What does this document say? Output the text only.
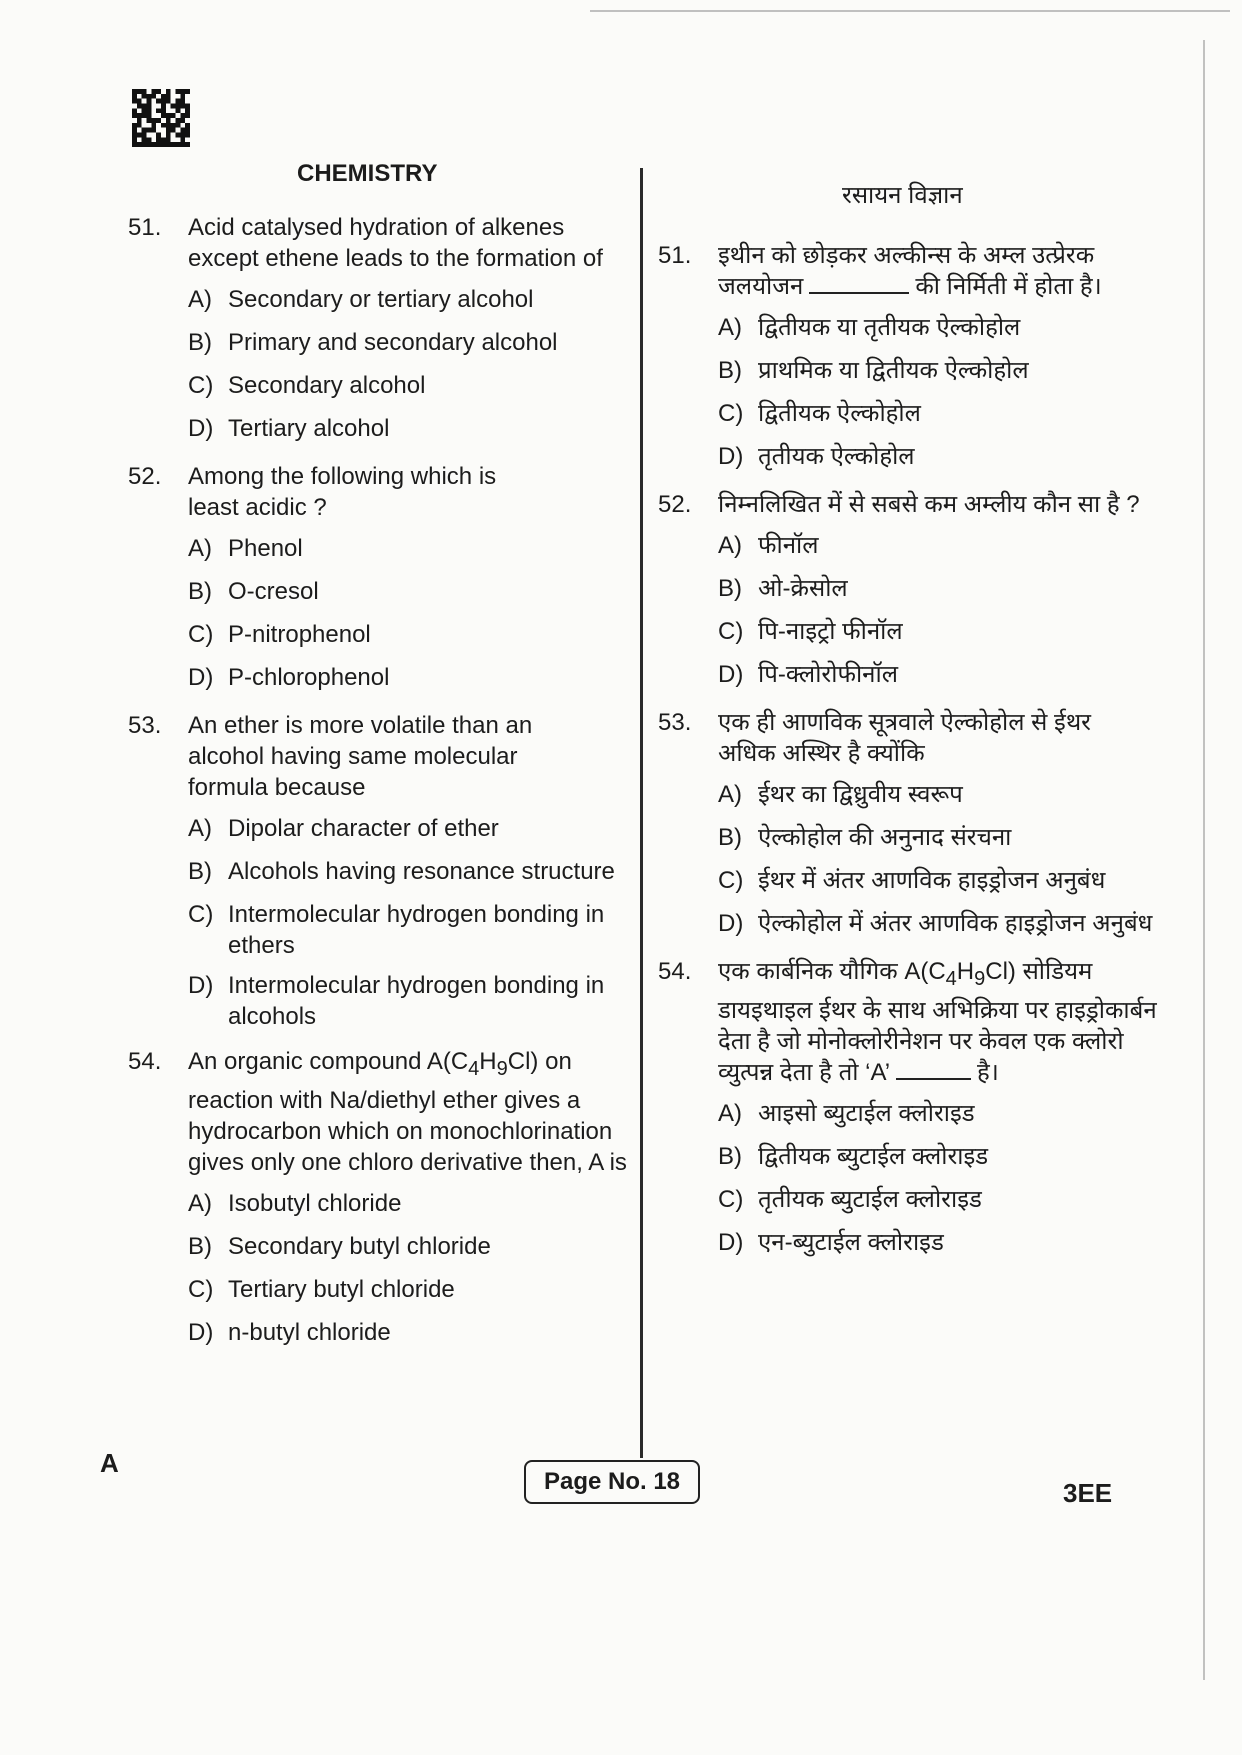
CHEMISTRY
रसायन विज्ञान
51. Acid catalysed hydration of alkenes except ethene leads to the formation of
A) Secondary or tertiary alcohol
B) Primary and secondary alcohol
C) Secondary alcohol
D) Tertiary alcohol
52. Among the following which is least acidic ?
A) Phenol
B) O-cresol
C) P-nitrophenol
D) P-chlorophenol
53. An ether is more volatile than an alcohol having same molecular formula because
A) Dipolar character of ether
B) Alcohols having resonance structure
C) Intermolecular hydrogen bonding in ethers
D) Intermolecular hydrogen bonding in alcohols
54. An organic compound $A(C_4H_9Cl)$ on reaction with Na/diethyl ether gives a hydrocarbon which on monochlorination gives only one chloro derivative then, A is
A) Isobutyl chloride
B) Secondary butyl chloride
C) Tertiary butyl chloride
D) n-butyl chloride
51. इथीन को छोड़कर अल्कीन्स के अम्ल उत्प्रेरक जलयोजन	की निर्मिती में होता है।
A) द्वितीयक या तृतीयक ऐल्कोहोल
B) प्राथमिक या द्वितीयक ऐल्कोहोल
C) द्वितीयक ऐल्कोहोल
D) तृतीयक ऐल्कोहोल
52. निम्नलिखित में से सबसे कम अम्लीय कौन सा है ?
A) फीनॉल
B) ओ-क्रेसोल
C) पि-नाइट्रो फीनॉल
D) पि-क्लोरोफीनॉल
53. एक ही आणविक सूत्रवाले ऐल्कोहोल से ईथर अधिक अस्थिर है क्योंकि
A) ईथर का द्विध्रुवीय स्वरूप
B) ऐल्कोहोल की अनुनाद संरचना
C) ईथर में अंतर आणविक हाइड्रोजन अनुबंध
D) ऐल्कोहोल में अंतर आणविक हाइड्रोजन अनुबंध
54. एक कार्बनिक यौगिक $A(C_4H_9Cl)$ सोडियम डायइथाइल ईथर के साथ अभिक्रिया पर हाइड्रोकार्बन देता है जो मोनोक्लोरीनेशन पर केवल एक क्लोरो व्युत्पन्न देता है तो ‘A’	है।
A) आइसो ब्युटाईल क्लोराइड
B) द्वितीयक ब्युटाईल क्लोराइड
C) तृतीयक ब्युटाईल क्लोराइड
D) एन-ब्युटाईल क्लोराइड
A
Page No. 18	3EE
